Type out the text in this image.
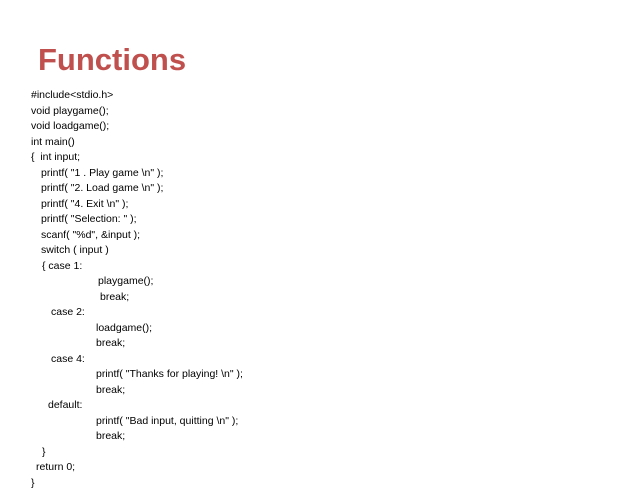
Functions
#include<stdio.h>
void playgame();
void loadgame();
int main()
{  int input;
printf( "1 . Play game \n" );
printf( "2. Load game \n" );
printf( "4. Exit \n" );
printf( "Selection: " );
scanf( "%d", &input );
switch ( input )
{ case 1:
playgame();
break;
case 2:
loadgame();
break;
case 4:
printf( "Thanks for playing! \n" );
break;
default:
printf( "Bad input, quitting \n" );
break;
}
return 0;
}
